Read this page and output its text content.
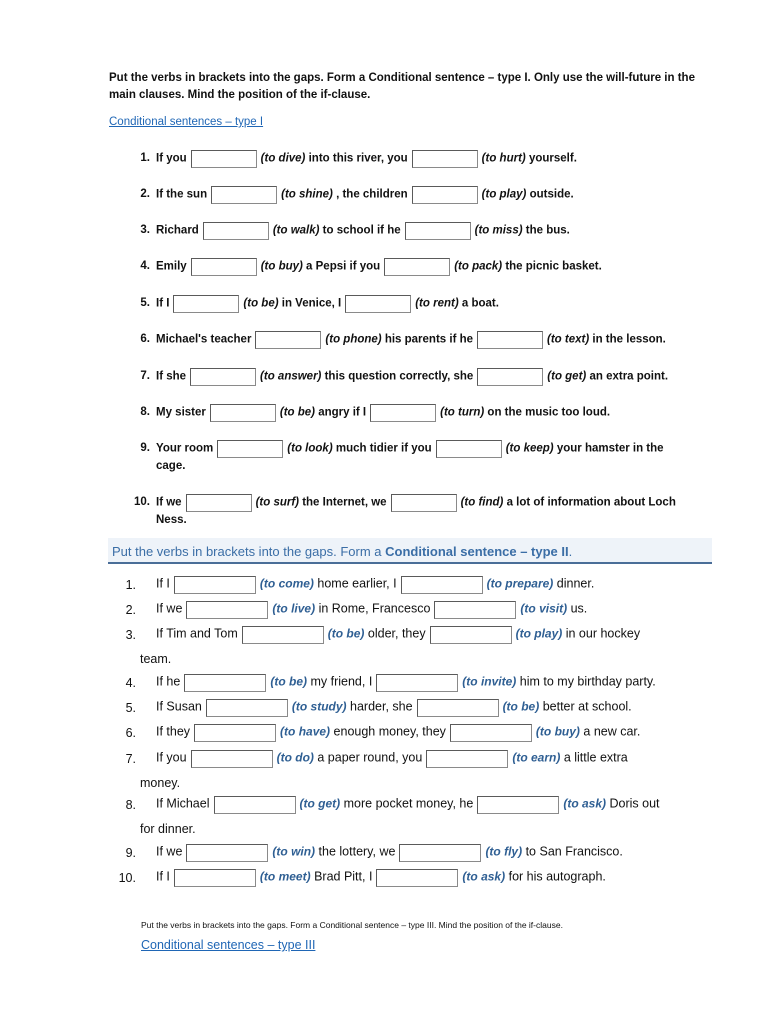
Put the verbs in brackets into the gaps. Form a Conditional sentence – type I. Only use the will-future in the main clauses. Mind the position of the if-clause.
Conditional sentences – type I
1. If you	(to dive) into this river, you	(to hurt) yourself.
2. If the sun	(to shine) , the children	(to play) outside.
3. Richard	(to walk) to school if he	(to miss) the bus.
4. Emily	(to buy) a Pepsi if you	(to pack) the picnic basket.
5. If I	(to be) in Venice, I	(to rent) a boat.
6. Michael's teacher	(to phone) his parents if he	(to text) in the lesson.
7. If she	(to answer) this question correctly, she	(to get) an extra point.
8. My sister	(to be) angry if I	(to turn) on the music too loud.
9. Your room	(to look) much tidier if you	(to keep) your hamster in the
cage.
10. If we	(to surf) the Internet, we	(to find) a lot of information about Loch
Ness.
Put the verbs in brackets into the gaps. Form a Conditional sentence – type II.
1. If I	(to come) home earlier, I	(to prepare) dinner.
2. If we	(to live) in Rome, Francesco	(to visit) us.
3. If Tim and Tom	(to be) older, they	(to play) in our hockey
team.
4. If he	(to be) my friend, I	(to invite) him to my birthday party.
5. If Susan	(to study) harder, she	(to be) better at school.
6. If they	(to have) enough money, they	(to buy) a new car.
7. If you	(to do) a paper round, you	(to earn) a little extra
money.
8. If Michael	(to get) more pocket money, he	(to ask) Doris out
for dinner.
9. If we	(to win) the lottery, we	(to fly) to San Francisco.
10. If I	(to meet) Brad Pitt, I	(to ask) for his autograph.
Put the verbs in brackets into the gaps. Form a Conditional sentence – type III. Mind the position of the if-clause.
Conditional sentences – type III
